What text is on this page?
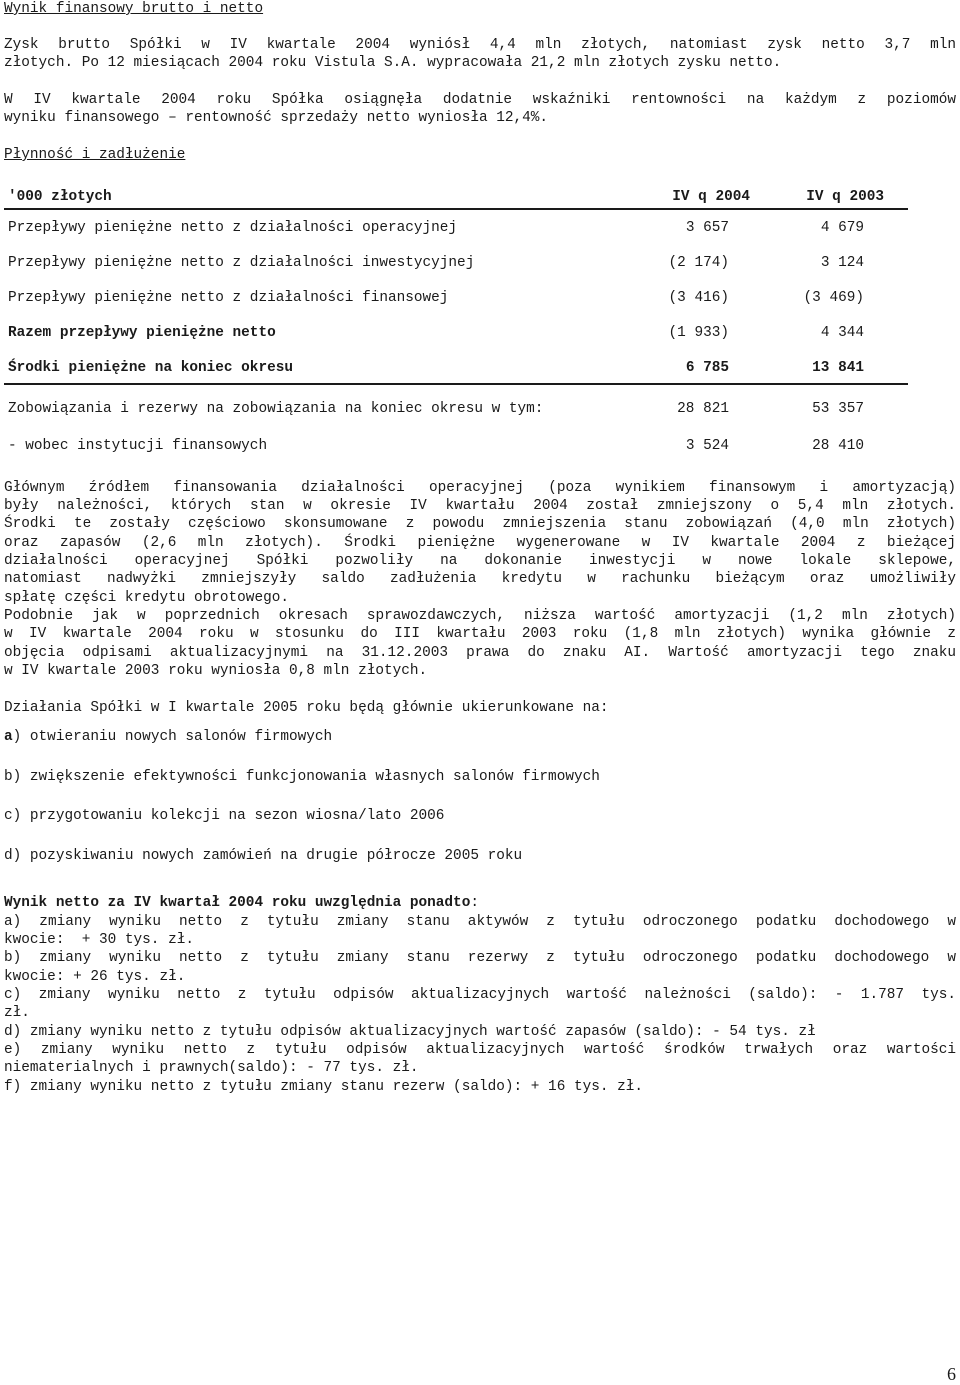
Wynik finansowy brutto i netto
Zysk brutto Spółki w IV kwartale 2004 wyniósł 4,4 mln złotych, natomiast zysk netto 3,7 mln
złotych. Po 12 miesiącach 2004 roku Vistula S.A. wypracowała 21,2 mln złotych zysku netto.
W IV kwartale 2004 roku Spółka osiągnęła dodatnie wskaźniki rentowności na każdym z poziomów
wyniku finansowego – rentowność sprzedaży netto wyniosła 12,4%.
Płynność i zadłużenie
'000 złotych	IV q 2004	IV q 2003
Przepływy pieniężne netto z działalności operacyjnej	3 657	4 679
Przepływy pieniężne netto z działalności inwestycyjnej	(2 174)	3 124
Przepływy pieniężne netto z działalności finansowej	(3 416)	(3 469)
Razem przepływy pieniężne netto	(1 933)	4 344
Środki pieniężne na koniec okresu	6 785	13 841
Zobowiązania i rezerwy na zobowiązania na koniec okresu w tym:	28 821	53 357
- wobec instytucji finansowych	3 524	28 410
Głównym źródłem finansowania działalności operacyjnej (poza wynikiem finansowym i amortyzacją)
były należności, których stan w okresie IV kwartału 2004 został zmniejszony o 5,4 mln złotych.
Środki te zostały częściowo skonsumowane z powodu zmniejszenia stanu zobowiązań (4,0 mln złotych)
oraz zapasów (2,6 mln złotych). Środki pieniężne wygenerowane w IV kwartale 2004 z bieżącej
działalności operacyjnej Spółki pozwoliły na dokonanie inwestycji w nowe lokale sklepowe,
natomiast nadwyżki zmniejszyły saldo zadłużenia kredytu w rachunku bieżącym oraz umożliwiły
spłatę części kredytu obrotowego.
Podobnie jak w poprzednich okresach sprawozdawczych, niższa wartość amortyzacji (1,2 mln złotych)
w IV kwartale 2004 roku w stosunku do III kwartału 2003 roku (1,8 mln złotych) wynika głównie z
objęcia odpisami aktualizacyjnymi na 31.12.2003 prawa do znaku AI. Wartość amortyzacji tego znaku
w IV kwartale 2003 roku wyniosła 0,8 mln złotych.
Działania Spółki w I kwartale 2005 roku będą głównie ukierunkowane na:
a) otwieraniu nowych salonów firmowych
b) zwiększenie efektywności funkcjonowania własnych salonów firmowych
c) przygotowaniu kolekcji na sezon wiosna/lato 2006
d) pozyskiwaniu nowych zamówień na drugie półrocze 2005 roku
Wynik netto za IV kwartał 2004 roku uwzględnia ponadto:
a) zmiany wyniku netto z tytułu zmiany stanu aktywów z tytułu odroczonego podatku dochodowego w
kwocie:  + 30 tys. zł.
b) zmiany wyniku netto z tytułu zmiany stanu rezerwy z tytułu odroczonego podatku dochodowego w
kwocie: + 26 tys. zł.
c) zmiany wyniku netto z tytułu odpisów aktualizacyjnych wartość należności (saldo): - 1.787 tys.
zł.
d) zmiany wyniku netto z tytułu odpisów aktualizacyjnych wartość zapasów (saldo): - 54 tys. zł
e) zmiany wyniku netto z tytułu odpisów aktualizacyjnych wartość środków trwałych oraz wartości
niematerialnych i prawnych(saldo): - 77 tys. zł.
f) zmiany wyniku netto z tytułu zmiany stanu rezerw (saldo): + 16 tys. zł.
6
